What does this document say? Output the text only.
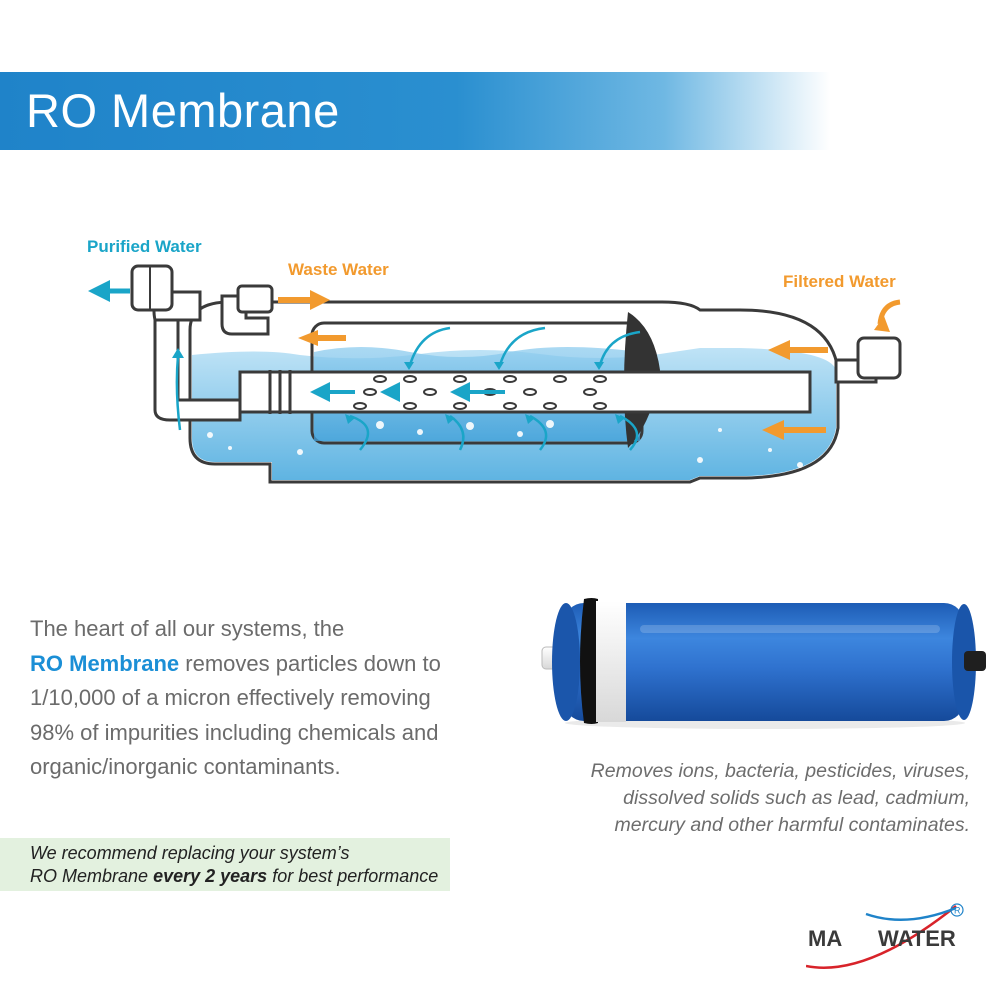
RO Membrane
Purified Water
Waste Water
Filtered Water

The heart of all our systems, the
RO Membrane removes particles down to
1/10,000 of a micron effectively removing
98% of impurities including chemicals and
organic/inorganic contaminants.	Removes ions, bacteria, pesticides, viruses,
dissolved solids such as lead, cadmium,
mercury and other harmful contaminates.

We recommend replacing your system’s

RO Membrane every 2 years for best performance

MA WATER
R
